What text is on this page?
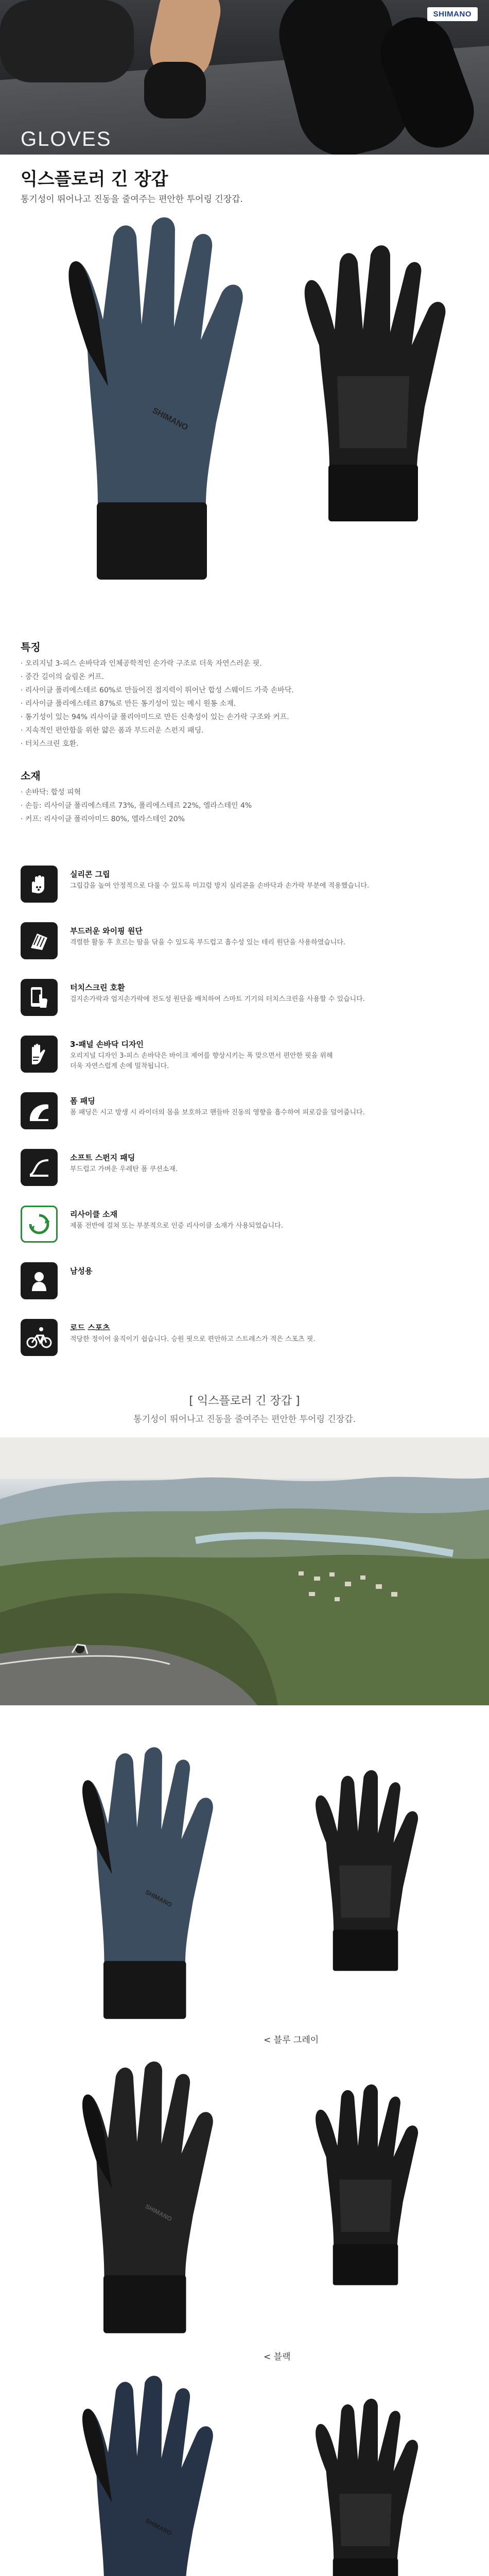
SHIMANO
GLOVES
익스플로러 긴 장갑
통기성이 뛰어나고 진동을 줄여주는 편안한 투어링 긴장갑.
SHIMANO
특징
· 오리지널 3-피스 손바닥과 인체공학적인 손가락 구조로 더욱 자연스러운 핏.
· 중간 길이의 슬림온 커프.
· 리사이클 폴리에스테르 60%로 만들어진 접지력이 뛰어난 합성 스웨이드 가죽 손바닥.
· 리사이클 폴리에스테르 87%로 만든 통기성이 있는 메시 원통 소재.
· 통기성이 있는 94% 리사이클 폴리아미드로 만든 신축성이 있는 손가락 구조와 커프.
· 지속적인 편안함을 위한 얇은 폼과 부드러운 스펀지 패딩.
· 터치스크린 호환.
소재
· 손바닥: 합성 피혁
· 손등: 리사이클 폴리에스테르 73%, 폴리에스테르 22%, 엘라스테인 4%
· 커프: 리사이클 폴리아미드 80%, 엘라스테인 20%
실리콘 그립
그립감을 높여 안정적으로 다룰 수 있도록 미끄럼 방지 실리콘을 손바닥과 손가락 부분에 적용했습니다.
부드러운 와이핑 원단
격렬한 활동 후 흐르는 땀을 닦을 수 있도록 부드럽고 흡수성 있는 테리 원단을 사용하였습니다.
터치스크린 호환
검지손가락과 엄지손가락에 전도성 원단을 배치하여 스마트 기기의 터치스크린을 사용할 수 있습니다.
3-패널 손바닥 디자인
오리지널 디자인 3-피스 손바닥은 바이크 제어를 향상시키는 폭 맞으면서 편안한 핏을 위해
더욱 자연스럽게 손에 밀착됩니다.
폼 패딩
폼 패딩은 시고 방생 시 라이더의 몸을 보호하고 핸들바 진동의 영향을 흡수하여 피로감을 덜어줍니다.
소프트 스펀지 패딩
부드럽고 가벼운 우레탄 폼 쿠션소재.
리사이클 소재
제품 전반에 걸쳐 또는 부분적으로 인증 리사이클 소재가 사용되었습니다.
남성용
로드 스포츠
적당한 정이어 움직이기 쉽습니다. 승원 핏으로 편안하고 스트레스가 적은 스포츠 핏.
[ 익스플로러 긴 장갑 ]
통기성이 뛰어나고 진동을 줄여주는 편안한 투어링 긴장갑.
SHIMANO
< 블루 그레이
SHIMANO
< 블랙
SHIMANO
